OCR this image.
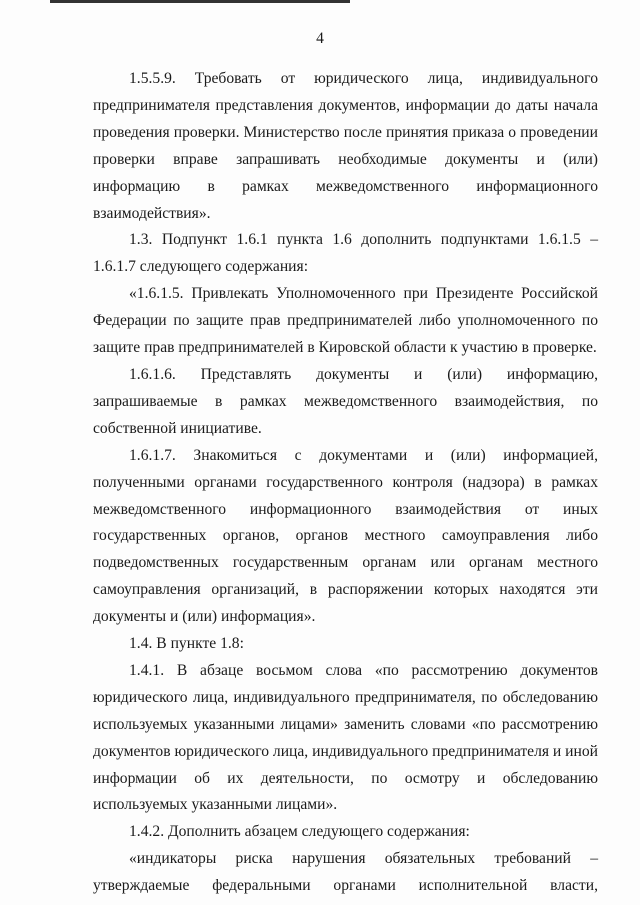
4

1.5.5.9. Требовать от юридического лица, индивидуального предпринимателя представления документов, информации до даты начала проведения проверки. Министерство после принятия приказа о проведении проверки вправе запрашивать необходимые документы и (или) информацию в рамках межведомственного информационного взаимодействия».

1.3. Подпункт 1.6.1 пункта 1.6 дополнить подпунктами 1.6.1.5 – 1.6.1.7 следующего содержания:

«1.6.1.5. Привлекать Уполномоченного при Президенте Российской Федерации по защите прав предпринимателей либо уполномоченного по защите прав предпринимателей в Кировской области к участию в проверке.

1.6.1.6. Представлять документы и (или) информацию, запрашиваемые в рамках межведомственного взаимодействия, по собственной инициативе.

1.6.1.7. Знакомиться с документами и (или) информацией, полученными органами государственного контроля (надзора) в рамках межведомственного информационного взаимодействия от иных государственных органов, органов местного самоуправления либо подведомственных государственным органам или органам местного самоуправления организаций, в распоряжении которых находятся эти документы и (или) информация».

1.4. В пункте 1.8:

1.4.1. В абзаце восьмом слова «по рассмотрению документов юридического лица, индивидуального предпринимателя, по обследованию используемых указанными лицами» заменить словами «по рассмотрению документов юридического лица, индивидуального предпринимателя и иной информации об их деятельности, по осмотру и обследованию используемых указанными лицами».

1.4.2. Дополнить абзацем следующего содержания:

«индикаторы риска нарушения обязательных требований – утверждаемые федеральными органами исполнительной власти,
